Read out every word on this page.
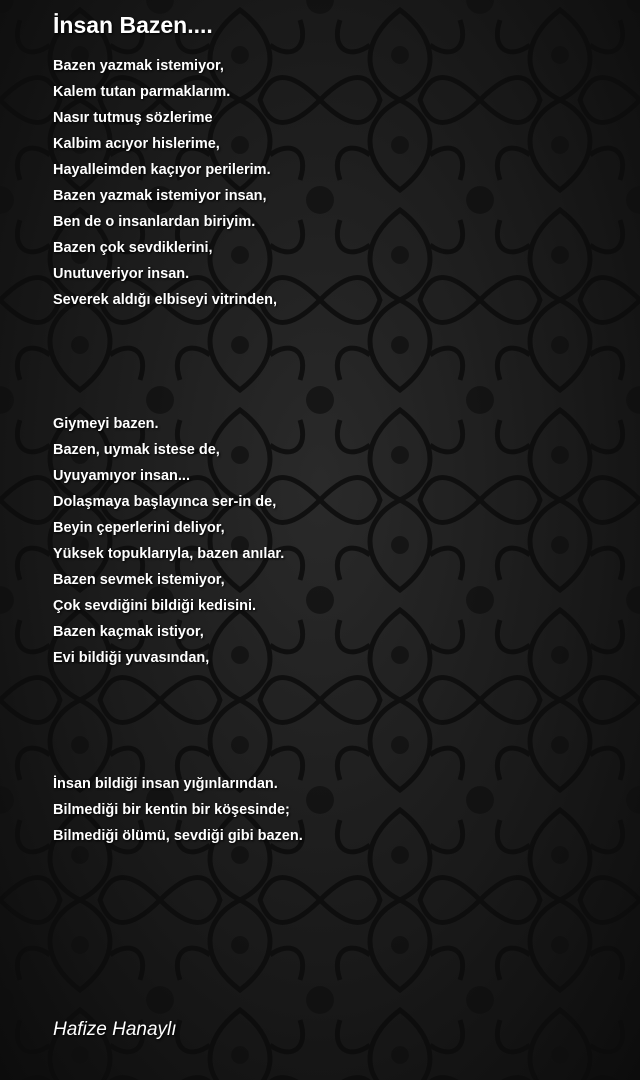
İnsan Bazen....
Bazen yazmak istemiyor,
Kalem tutan parmaklarım.
Nasır tutmuş sözlerime
Kalbim acıyor hislerime,
Hayalleimden kaçıyor perilerim.
Bazen yazmak istemiyor insan,
Ben de o insanlardan biriyim.
Bazen çok sevdiklerini,
Unutuveriyor insan.
Severek aldığı elbiseyi vitrinden,
Giymeyi bazen.
Bazen, uymak istese de,
Uyuyamıyor insan...
Dolaşmaya başlayınca ser-in de,
Beyin çeperlerini deliyor,
Yüksek topuklarıyla, bazen anılar.
Bazen sevmek istemiyor,
Çok sevdiğini bildiği kedisini.
Bazen kaçmak istiyor,
Evi bildiği yuvasından,
İnsan bildiği insan yığınlarından.
Bilmediği bir kentin bir köşesinde;
Bilmediği ölümü, sevdiği gibi bazen.
Hafize Hanaylı
